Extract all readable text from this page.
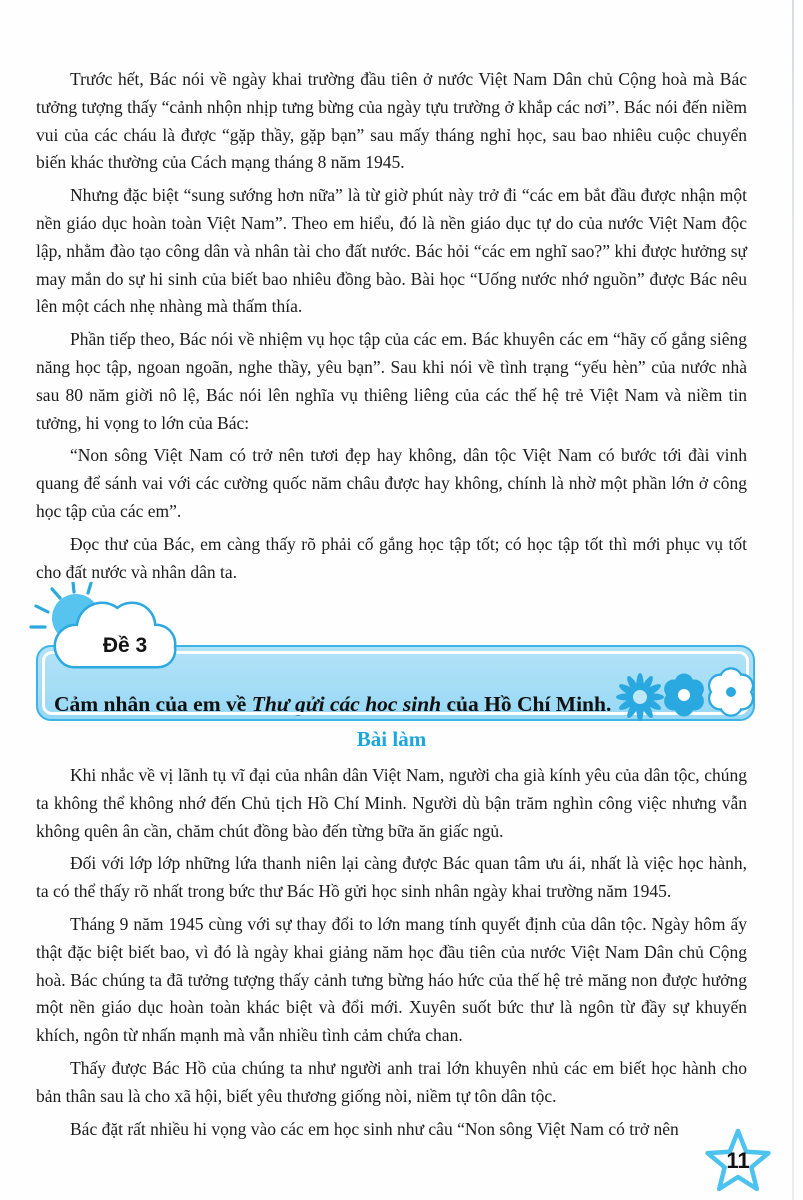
Trước hết, Bác nói về ngày khai trường đầu tiên ở nước Việt Nam Dân chủ Cộng hoà mà Bác tưởng tượng thấy “cảnh nhộn nhịp tưng bừng của ngày tựu trường ở khắp các nơi”. Bác nói đến niềm vui của các cháu là được “gặp thầy, gặp bạn” sau mấy tháng nghỉ học, sau bao nhiêu cuộc chuyển biến khác thường của Cách mạng tháng 8 năm 1945.

Nhưng đặc biệt “sung sướng hơn nữa” là từ giờ phút này trở đi “các em bắt đầu được nhận một nền giáo dục hoàn toàn Việt Nam”. Theo em hiểu, đó là nền giáo dục tự do của nước Việt Nam độc lập, nhằm đào tạo công dân và nhân tài cho đất nước. Bác hỏi “các em nghĩ sao?” khi được hưởng sự may mắn do sự hi sinh của biết bao nhiêu đồng bào. Bài học “Uống nước nhớ nguồn” được Bác nêu lên một cách nhẹ nhàng mà thấm thía.

Phần tiếp theo, Bác nói về nhiệm vụ học tập của các em. Bác khuyên các em “hãy cố gắng siêng năng học tập, ngoan ngoãn, nghe thầy, yêu bạn”. Sau khi nói về tình trạng “yếu hèn” của nước nhà sau 80 năm giời nô lệ, Bác nói lên nghĩa vụ thiêng liêng của các thế hệ trẻ Việt Nam và niềm tin tưởng, hi vọng to lớn của Bác:

“Non sông Việt Nam có trở nên tươi đẹp hay không, dân tộc Việt Nam có bước tới đài vinh quang để sánh vai với các cường quốc năm châu được hay không, chính là nhờ một phần lớn ở công học tập của các em”.

Đọc thư của Bác, em càng thấy rõ phải cố gắng học tập tốt; có học tập tốt thì mới phục vụ tốt cho đất nước và nhân dân ta.

Cảm nhận của em về Thư gửi các học sinh của Hồ Chí Minh.

Đề 3
Bài làm

Khi nhắc về vị lãnh tụ vĩ đại của nhân dân Việt Nam, người cha già kính yêu của dân tộc, chúng ta không thể không nhớ đến Chủ tịch Hồ Chí Minh. Người dù bận trăm nghìn công việc nhưng vẫn không quên ân cần, chăm chút đồng bào đến từng bữa ăn giấc ngủ.

Đối với lớp lớp những lứa thanh niên lại càng được Bác quan tâm ưu ái, nhất là việc học hành, ta có thể thấy rõ nhất trong bức thư Bác Hồ gửi học sinh nhân ngày khai trường năm 1945.

Tháng 9 năm 1945 cùng với sự thay đổi to lớn mang tính quyết định của dân tộc. Ngày hôm ấy thật đặc biệt biết bao, vì đó là ngày khai giảng năm học đầu tiên của nước Việt Nam Dân chủ Cộng hoà. Bác chúng ta đã tưởng tượng thấy cảnh tưng bừng háo hức của thế hệ trẻ măng non được hưởng một nền giáo dục hoàn toàn khác biệt và đổi mới. Xuyên suốt bức thư là ngôn từ đầy sự khuyến khích, ngôn từ nhấn mạnh mà vẫn nhiều tình cảm chứa chan.

Thấy được Bác Hồ của chúng ta như người anh trai lớn khuyên nhủ các em biết học hành cho bản thân sau là cho xã hội, biết yêu thương giống nòi, niềm tự tôn dân tộc.

Bác đặt rất nhiều hi vọng vào các em học sinh như câu “Non sông Việt Nam có trở nên

11
